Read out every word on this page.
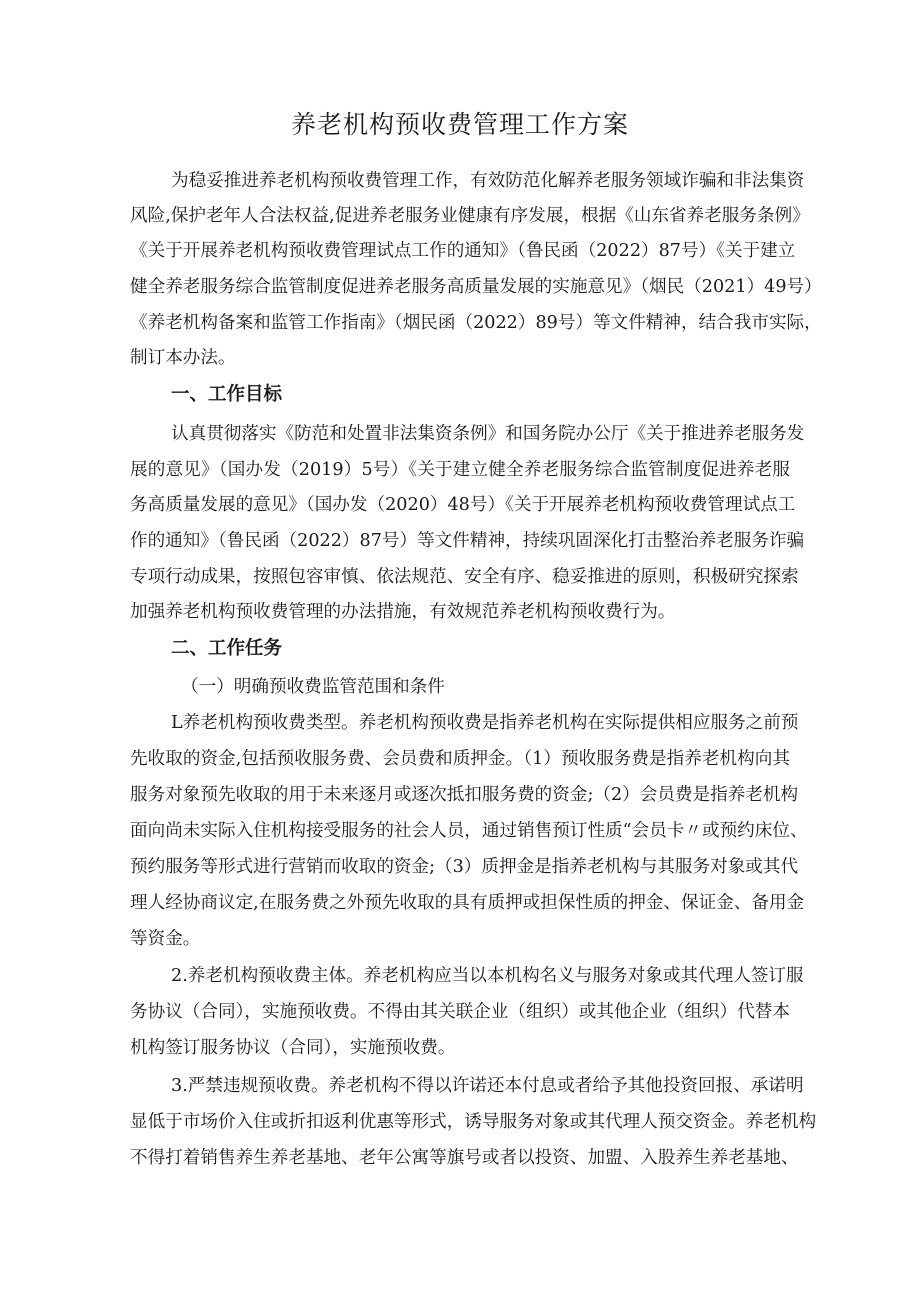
养老机构预收费管理工作方案

为稳妥推进养老机构预收费管理工作，有效防范化解养老服务领域诈骗和非法集资

风险,保护老年人合法权益,促进养老服务业健康有序发展，根据《山东省养老服务条例》

《关于开展养老机构预收费管理试点工作的通知》（鲁民函（2022）87号）《关于建立

健全养老服务综合监管制度促进养老服务高质量发展的实施意见》（烟民（2021）49号）

《养老机构备案和监管工作指南》（烟民函（2022）89号）等文件精神，结合我市实际，

制订本办法。

一、工作目标

认真贯彻落实《防范和处置非法集资条例》和国务院办公厅《关于推进养老服务发

展的意见》（国办发（2019）5号）《关于建立健全养老服务综合监管制度促进养老服

务高质量发展的意见》（国办发（2020）48号）《关于开展养老机构预收费管理试点工

作的通知》（鲁民函（2022）87号）等文件精神，持续巩固深化打击整治养老服务诈骗

专项行动成果，按照包容审慎、依法规范、安全有序、稳妥推进的原则，积极研究探索

加强养老机构预收费管理的办法措施，有效规范养老机构预收费行为。

二、工作任务

（一）明确预收费监管范围和条件

L养老机构预收费类型。养老机构预收费是指养老机构在实际提供相应服务之前预

先收取的资金,包括预收服务费、会员费和质押金。（1）预收服务费是指养老机构向其

服务对象预先收取的用于未来逐月或逐次抵扣服务费的资金;（2）会员费是指养老机构

面向尚未实际入住机构接受服务的社会人员，通过销售预订性质“会员卡〃或预约床位、

预约服务等形式进行营销而收取的资金;（3）质押金是指养老机构与其服务对象或其代

理人经协商议定,在服务费之外预先收取的具有质押或担保性质的押金、保证金、备用金

等资金。

2.养老机构预收费主体。养老机构应当以本机构名义与服务对象或其代理人签订服

务协议（合同），实施预收费。不得由其关联企业（组织）或其他企业（组织）代替本

机构签订服务协议（合同），实施预收费。

3.严禁违规预收费。养老机构不得以许诺还本付息或者给予其他投资回报、承诺明

显低于市场价入住或折扣返利优惠等形式，诱导服务对象或其代理人预交资金。养老机构

不得打着销售养生养老基地、老年公寓等旗号或者以投资、加盟、入股养生养老基地、
